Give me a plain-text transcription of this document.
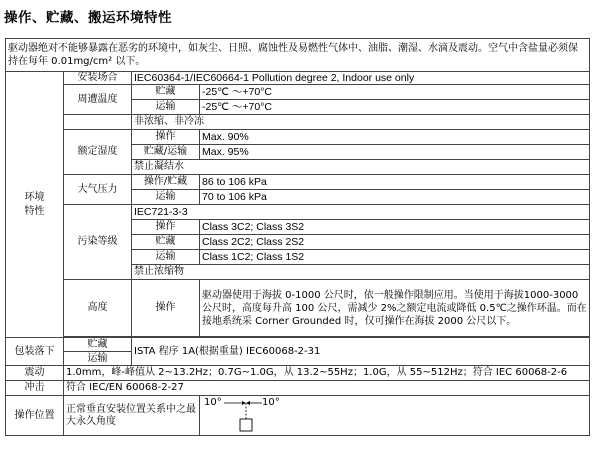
操作、贮藏、搬运环境特性
驱动器绝对不能够暴露在恶劣的环境中，如灰尘、日照、腐蚀性及易燃性气体中、油脂、潮湿、水滴及震动。空气中含盐量必须保持在每年 0.01mg/cm² 以下。			

环境特性	安装场合	IEC60364-1/IEC60664-1 Pollution degree 2, Indoor use only	
	周遭温度	贮藏	-25℃ ～+70°C
		运输	-25℃ ～+70°C
		非浓缩、非冷冻	
	额定湿度	操作	Max. 90%
		贮藏/运输	Max. 95%
		禁止凝结水	
	大气压力	操作/贮藏	86 to 106 kPa
		运输	70 to 106 kPa
	污染等级	IEC721-3-3	
		操作	Class 3C2; Class 3S2
		贮藏	Class 2C2; Class 2S2
		运输	Class 1C2; Class 1S2
		禁止浓缩物	
	高度	操作	驱动器使用于海拔 0-1000 公尺时，依一般操作限制应用。当使用于海拔1000-3000 公尺时，高度每升高 100 公尺，需减少 2%之额定电流或降低 0.5℃之操作环温。而在接地系统采 Corner Grounded 时，仅可操作在海拔 2000 公尺以下。

包装落下	贮藏	ISTA 程序 1A(根据重量) IEC60068-2-31	
	运输		
震动	1.0mm，峰-峰值从 2~13.2Hz；0.7G~1.0G，从 13.2~55Hz；1.0G，从 55~512Hz；符合 IEC 60068-2-6		
冲击	符合 IEC/EN 60068-2-27		
操作位置	正常垂直安装位置关系中之最大永久角度		10° 10°
